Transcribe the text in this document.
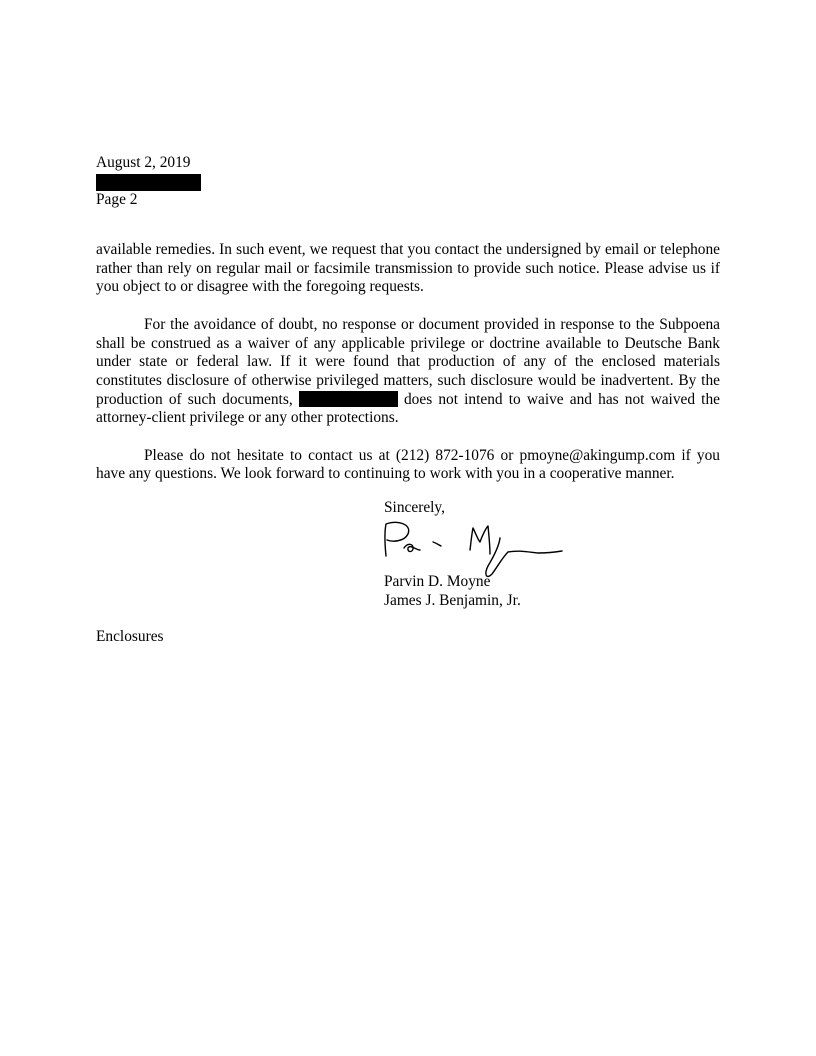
August 2, 2019
Page 2

available remedies. In such event, we request that you contact the undersigned by email or telephone rather than rely on regular mail or facsimile transmission to provide such notice. Please advise us if you object to or disagree with the foregoing requests.

For the avoidance of doubt, no response or document provided in response to the Subpoena shall be construed as a waiver of any applicable privilege or doctrine available to Deutsche Bank under state or federal law. If it were found that production of any of the enclosed materials constitutes disclosure of otherwise privileged matters, such disclosure would be inadvertent. By the production of such documents,	does not intend to waive and has not waived the attorney-client privilege or any other protections.

Please do not hesitate to contact us at (212) 872-1076 or pmoyne@akingump.com if you have any questions. We look forward to continuing to work with you in a cooperative manner.

Sincerely,
Parvin D. Moyne
James J. Benjamin, Jr.
Enclosures
